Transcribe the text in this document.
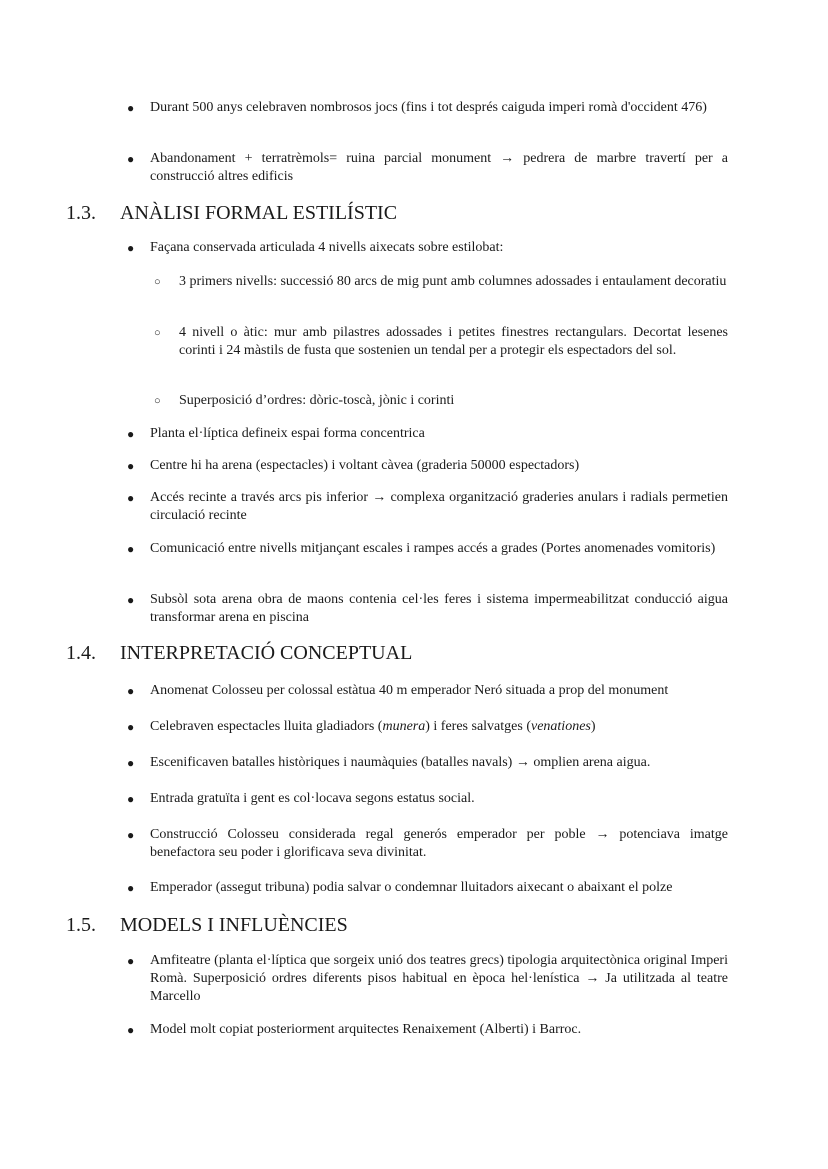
● Durant 500 anys celebraven nombrosos jocs (fins i tot després caiguda imperi romà d'occident 476)
● Abandonament + terratrèmols= ruina parcial monument → pedrera de marbre travertí per a construcció altres edificis
1.3. ANÀLISI FORMAL ESTILÍSTIC
● Façana conservada articulada 4 nivells aixecats sobre estilobat:
○ 3 primers nivells: successió 80 arcs de mig punt amb columnes adossades i entaulament decoratiu
○ 4 nivell o àtic: mur amb pilastres adossades i petites finestres rectangulars. Decortat lesenes corinti i 24 màstils de fusta que sostenien un tendal per a protegir els espectadors del sol.
○ Superposició d’ordres: dòric-toscà, jònic i corinti
● Planta el·líptica defineix espai forma concentrica
● Centre hi ha arena (espectacles) i voltant càvea (graderia 50000 espectadors)
● Accés recinte a través arcs pis inferior → complexa organització graderies anulars i radials permetien circulació recinte
● Comunicació entre nivells mitjançant escales i rampes accés a grades (Portes anomenades vomitoris)
● Subsòl sota arena obra de maons contenia cel·les feres i sistema impermeabilitzat conducció aigua transformar arena en piscina
1.4. INTERPRETACIÓ CONCEPTUAL
● Anomenat Colosseu per colossal estàtua 40 m emperador Neró situada a prop del monument
● Celebraven espectacles lluita gladiadors (munera) i feres salvatges (venationes)
● Escenificaven batalles històriques i naumàquies (batalles navals) → omplien arena aigua.
● Entrada gratuïta i gent es col·locava segons estatus social.
● Construcció Colosseu considerada regal generós emperador per poble → potenciava imatge benefactora seu poder i glorificava seva divinitat.
● Emperador (assegut tribuna) podia salvar o condemnar lluitadors aixecant o abaixant el polze
1.5. MODELS I INFLUÈNCIES
● Amfiteatre (planta el·líptica que sorgeix unió dos teatres grecs) tipologia arquitectònica original Imperi Romà. Superposició ordres diferents pisos habitual en època hel·lenística → Ja utilitzada al teatre Marcello
● Model molt copiat posteriorment arquitectes Renaixement (Alberti) i Barroc.
